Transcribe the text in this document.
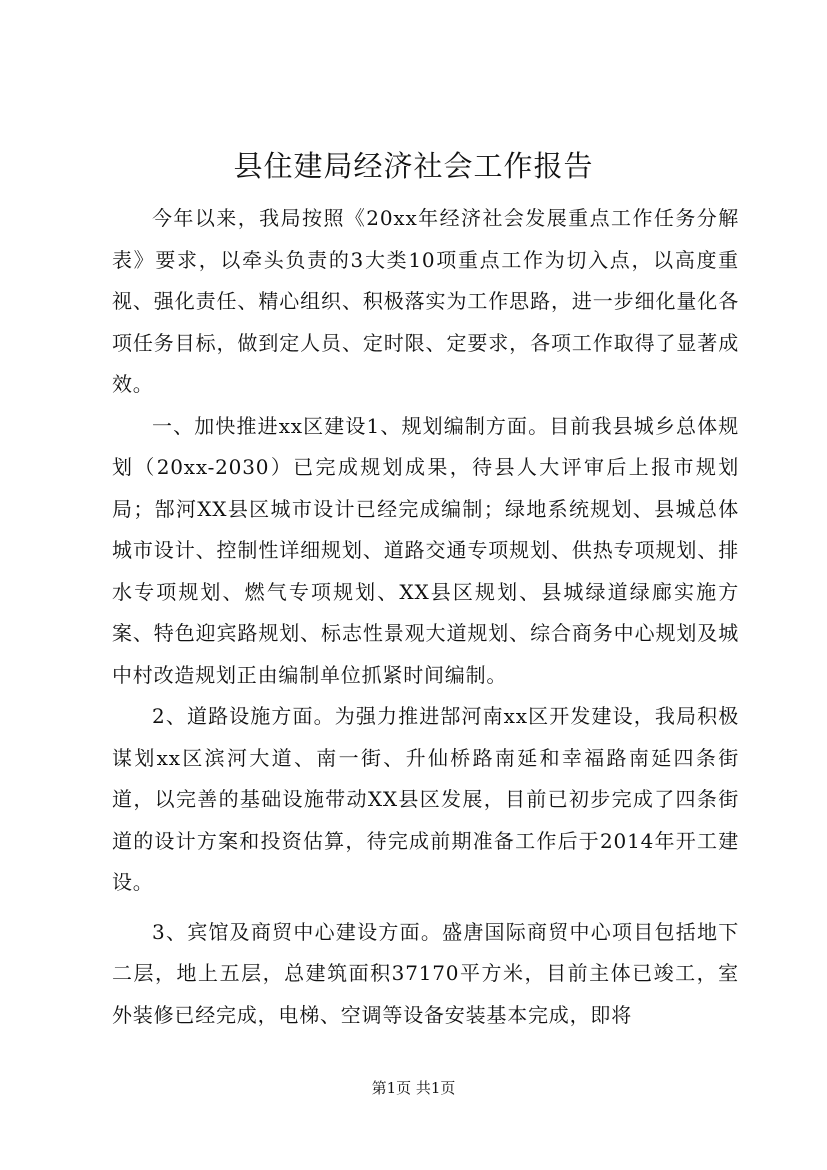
县住建局经济社会工作报告

今年以来，我局按照《20xx年经济社会发展重点工作任务分解表》要求，以牵头负责的3大类10项重点工作为切入点，以高度重视、强化责任、精心组织、积极落实为工作思路，进一步细化量化各项任务目标，做到定人员、定时限、定要求，各项工作取得了显著成效。

一、加快推进xx区建设1、规划编制方面。目前我县城乡总体规划（20xx-2030）已完成规划成果，待县人大评审后上报市规划局；郜河XX县区城市设计已经完成编制；绿地系统规划、县城总体城市设计、控制性详细规划、道路交通专项规划、供热专项规划、排水专项规划、燃气专项规划、XX县区规划、县城绿道绿廊实施方案、特色迎宾路规划、标志性景观大道规划、综合商务中心规划及城中村改造规划正由编制单位抓紧时间编制。

2、道路设施方面。为强力推进郜河南xx区开发建设，我局积极谋划xx区滨河大道、南一街、升仙桥路南延和幸福路南延四条街道，以完善的基础设施带动XX县区发展，目前已初步完成了四条街道的设计方案和投资估算，待完成前期准备工作后于2014年开工建设。

3、宾馆及商贸中心建设方面。盛唐国际商贸中心项目包括地下二层，地上五层，总建筑面积37170平方米，目前主体已竣工，室外装修已经完成，电梯、空调等设备安装基本完成，即将

第1页 共1页
